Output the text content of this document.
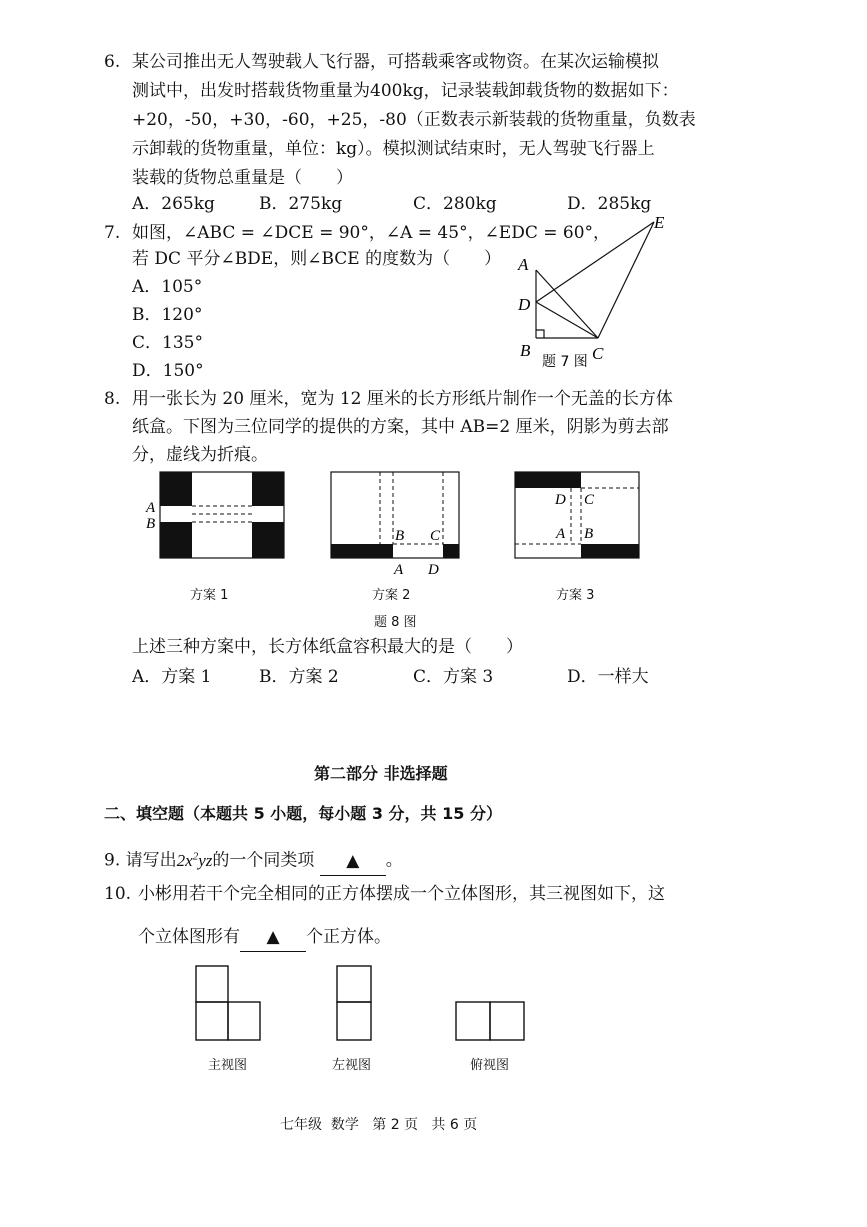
6. 某公司推出无人驾驶载人飞行器，可搭载乘客或物资。在某次运输模拟
测试中，出发时搭载货物重量为400kg，记录装载卸载货物的数据如下：
+20，-50，+30，-60，+25，-80（正数表示新装载的货物重量，负数表
示卸载的货物重量，单位：kg）。模拟测试结束时，无人驾驶飞行器上
装载的货物总重量是（　　）
A．265kg	B．275kg	C．280kg	D．285kg
7. 如图，∠ABC = ∠DCE = 90°，∠A = 45°，∠EDC = 60°，
若 DC 平分∠BDE，则∠BCE 的度数为（　　）
A．105°
B．120°
C．135°
D．150°
A
D
B	C
E
题 7 图
8. 用一张长为 20 厘米，宽为 12 厘米的长方形纸片制作一个无盖的长方体
纸盒。下图为三位同学的提供的方案，其中 AB=2 厘米，阴影为剪去部
分，虚线为折痕。
A
B
B C
A D
D C
A B
方案 1	方案 2	方案 3
题 8 图
上述三种方案中，长方体纸盒容积最大的是（　　）
A．方案 1	B．方案 2	C．方案 3	D．一样大
第二部分 非选择题
二、填空题（本题共 5 小题，每小题 3 分，共 15 分）
9. 请写出$2x^2yz$的一个同类项 ▲ 。
10. 小彬用若干个完全相同的正方体摆成一个立体图形，其三视图如下，这
个立体图形有 ▲ 个正方体。
主视图	左视图	俯视图
七年级  数学   第 2 页   共 6 页
